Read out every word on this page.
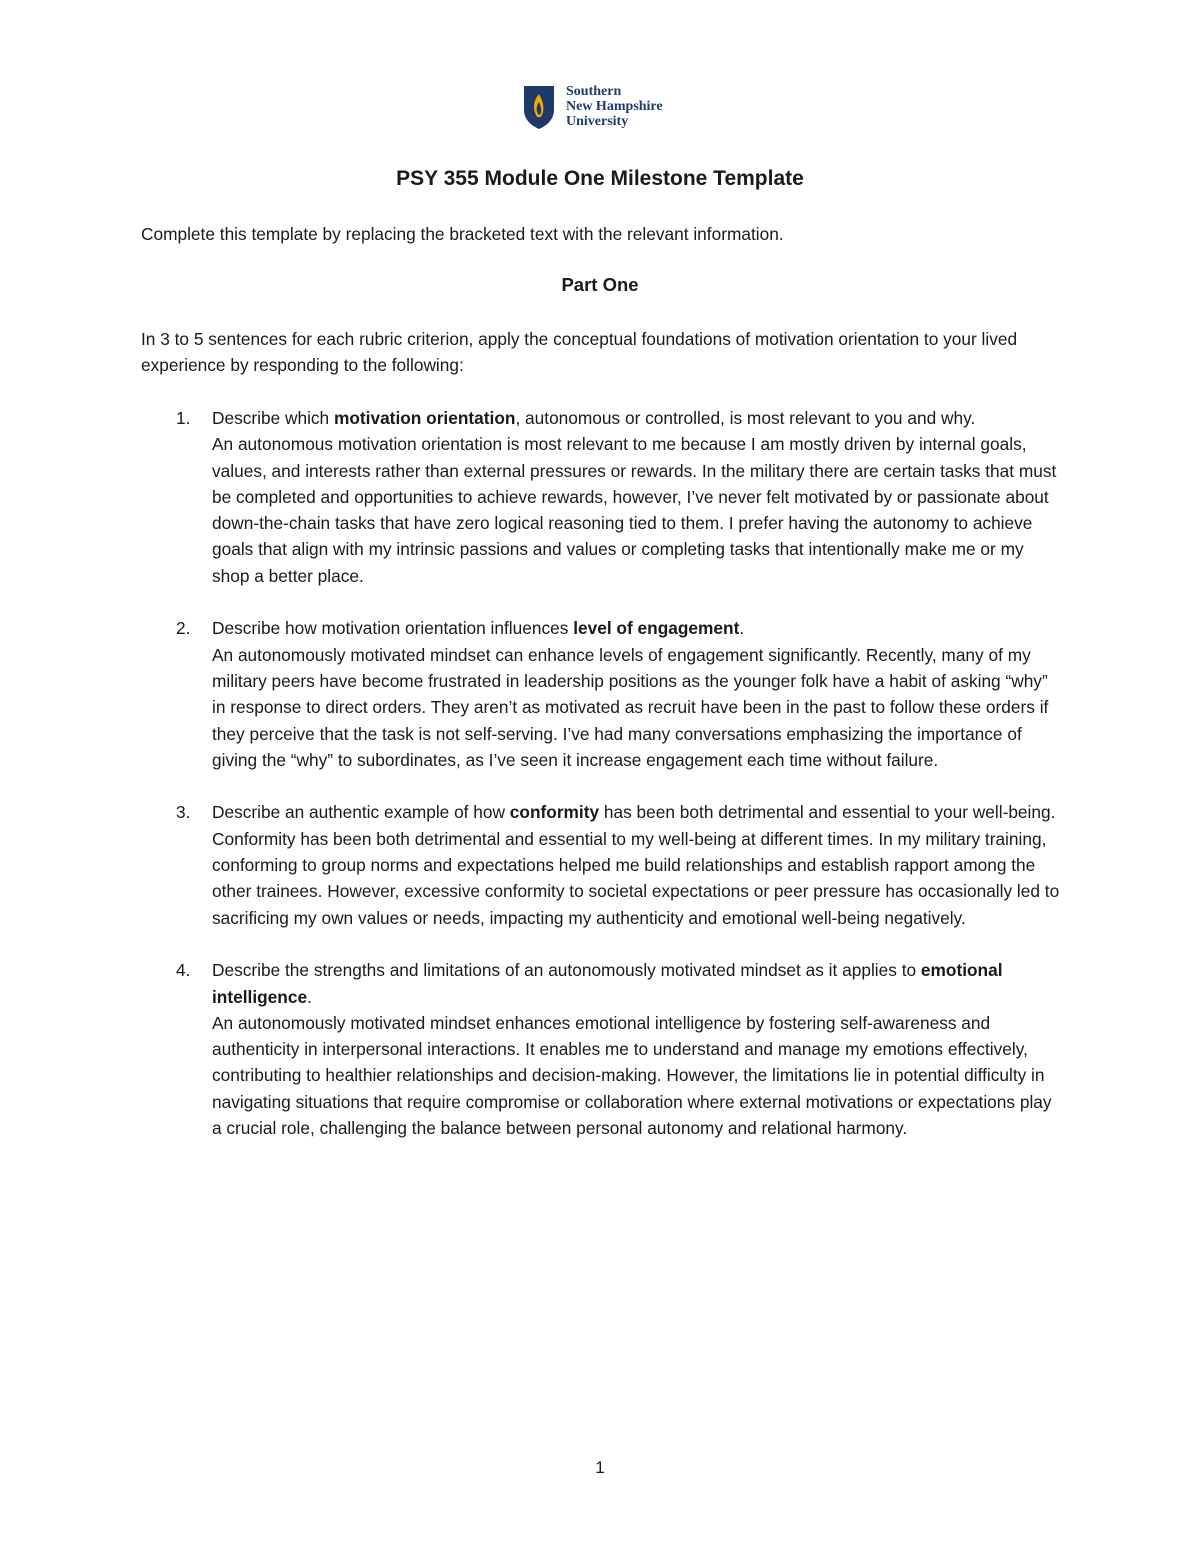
Southern
New Hampshire
University
PSY 355 Module One Milestone Template
Complete this template by replacing the bracketed text with the relevant information.
Part One
In 3 to 5 sentences for each rubric criterion, apply the conceptual foundations of motivation orientation to your lived experience by responding to the following:
1. Describe which motivation orientation, autonomous or controlled, is most relevant to you and why.
An autonomous motivation orientation is most relevant to me because I am mostly driven by internal goals, values, and interests rather than external pressures or rewards. In the military there are certain tasks that must be completed and opportunities to achieve rewards, however, I’ve never felt motivated by or passionate about down-the-chain tasks that have zero logical reasoning tied to them. I prefer having the autonomy to achieve goals that align with my intrinsic passions and values or completing tasks that intentionally make me or my shop a better place.
2. Describe how motivation orientation influences level of engagement.
An autonomously motivated mindset can enhance levels of engagement significantly. Recently, many of my military peers have become frustrated in leadership positions as the younger folk have a habit of asking “why” in response to direct orders. They aren’t as motivated as recruit have been in the past to follow these orders if they perceive that the task is not self-serving. I’ve had many conversations emphasizing the importance of giving the “why” to subordinates, as I’ve seen it increase engagement each time without failure.
3. Describe an authentic example of how conformity has been both detrimental and essential to your well-being.
Conformity has been both detrimental and essential to my well-being at different times. In my military training, conforming to group norms and expectations helped me build relationships and establish rapport among the other trainees. However, excessive conformity to societal expectations or peer pressure has occasionally led to sacrificing my own values or needs, impacting my authenticity and emotional well-being negatively.
4. Describe the strengths and limitations of an autonomously motivated mindset as it applies to emotional intelligence.
An autonomously motivated mindset enhances emotional intelligence by fostering self-awareness and authenticity in interpersonal interactions. It enables me to understand and manage my emotions effectively, contributing to healthier relationships and decision-making. However, the limitations lie in potential difficulty in navigating situations that require compromise or collaboration where external motivations or expectations play a crucial role, challenging the balance between personal autonomy and relational harmony.
1
